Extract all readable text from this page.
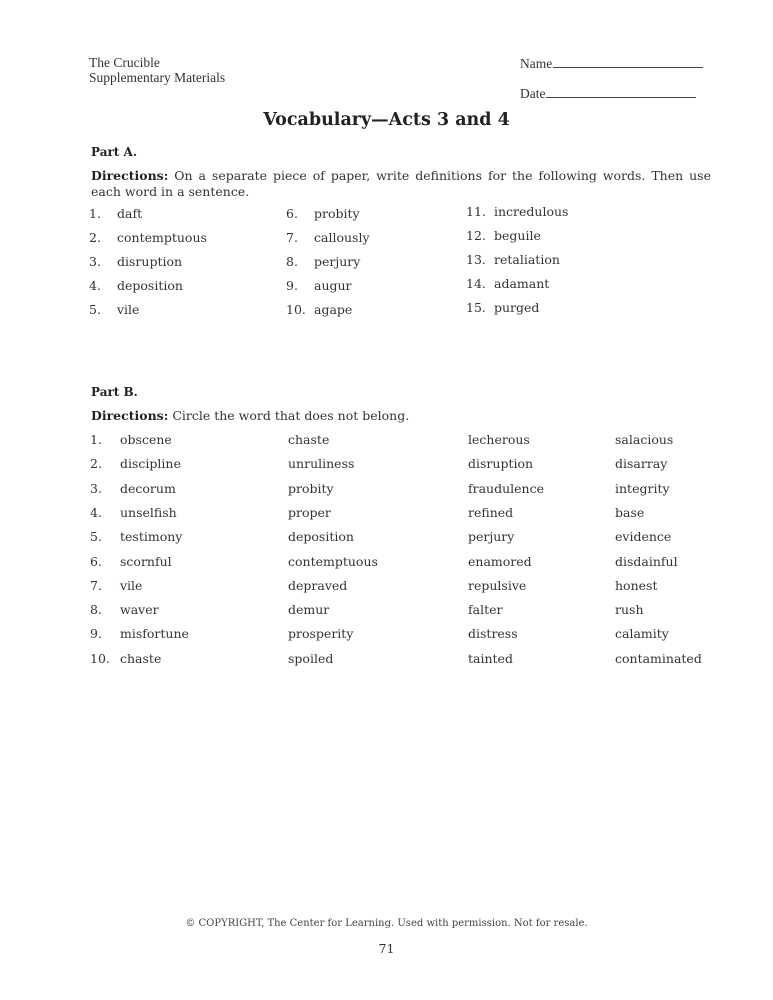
The Crucible
Supplementary Materials
Name
Date
Vocabulary—Acts 3 and 4
Part A.
Directions: On a separate piece of paper, write definitions for the following words. Then use each word in a sentence.
1. daft
2. contemptuous
3. disruption
4. deposition
5. vile
6. probity
7. callously
8. perjury
9. augur
10. agape
11. incredulous
12. beguile
13. retaliation
14. adamant
15. purged
Part B.
Directions: Circle the word that does not belong.
1. obscene	chaste	lecherous	salacious
2. discipline	unruliness	disruption	disarray
3. decorum	probity	fraudulence	integrity
4. unselfish	proper	refined	base
5. testimony	deposition	perjury	evidence
6. scornful	contemptuous	enamored	disdainful
7. vile	depraved	repulsive	honest
8. waver	demur	falter	rush
9. misfortune	prosperity	distress	calamity
10. chaste	spoiled	tainted	contaminated
© COPYRIGHT, The Center for Learning. Used with permission. Not for resale.
71
